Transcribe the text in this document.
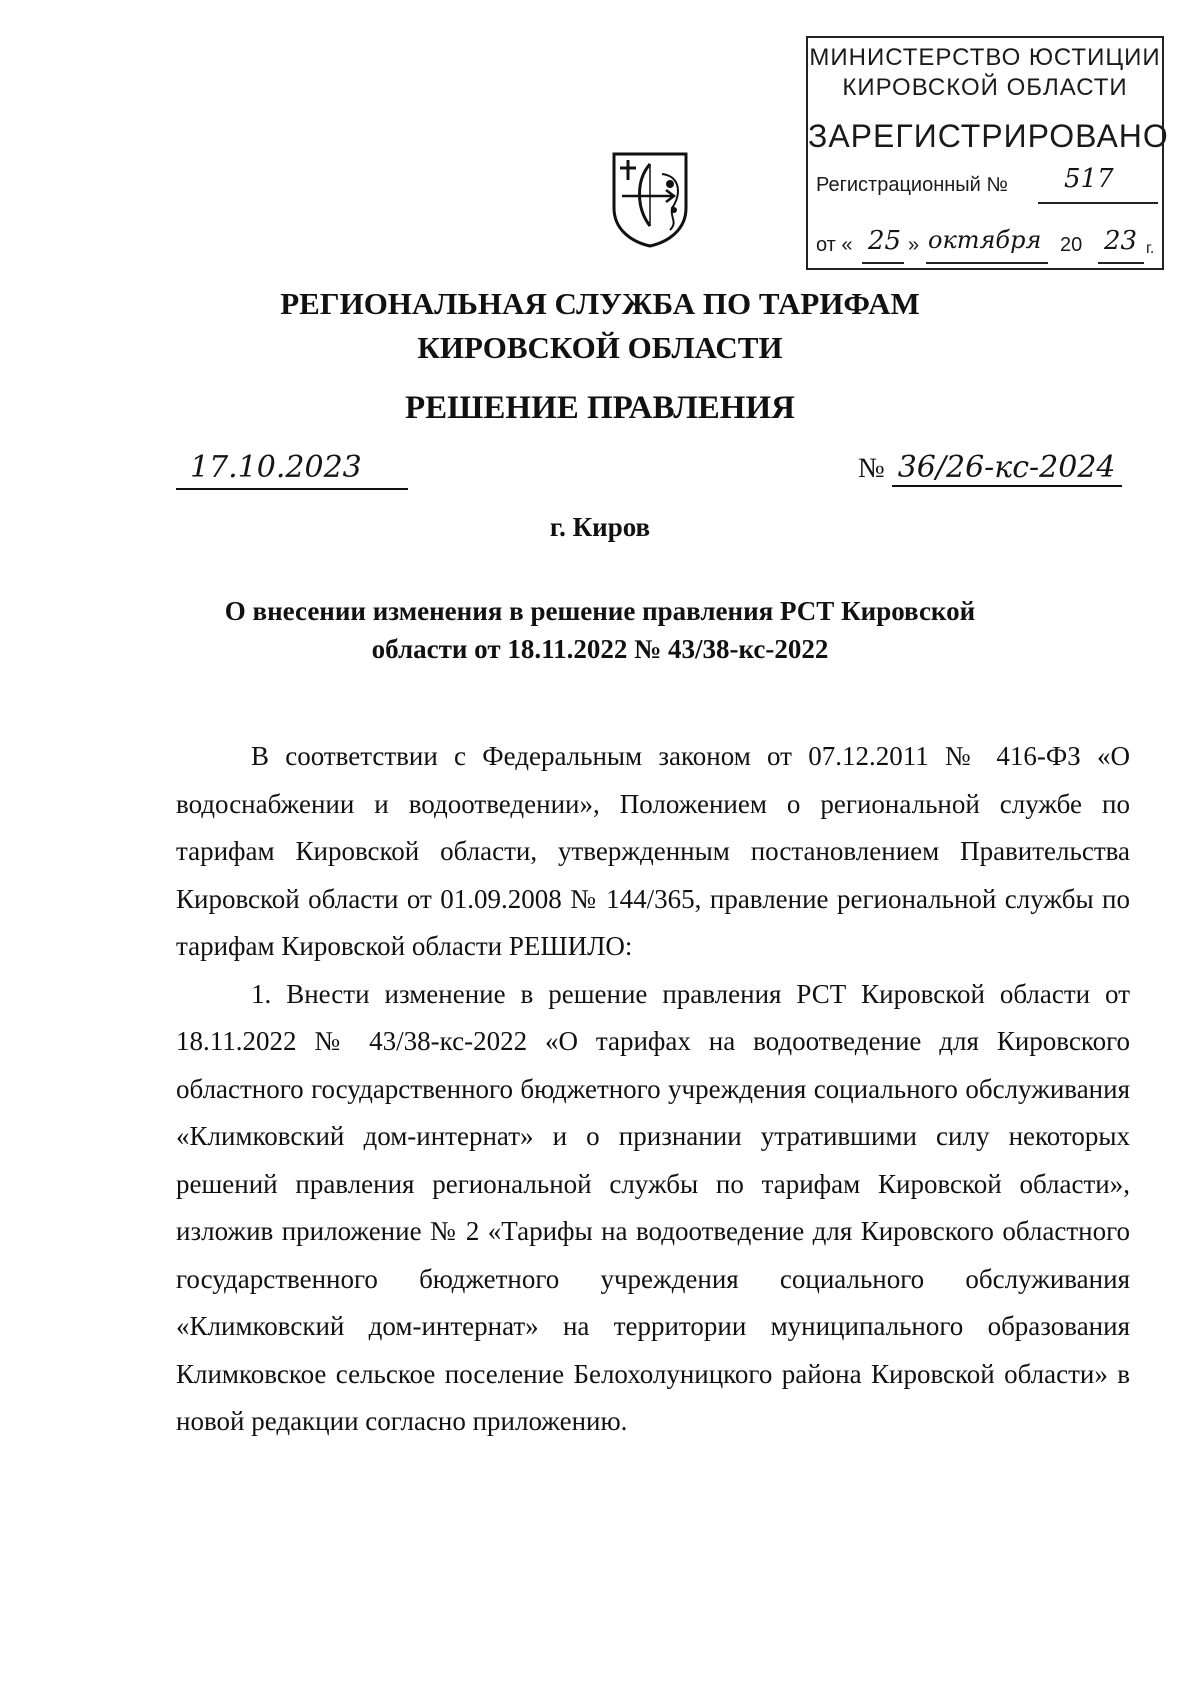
МИНИСТЕРСТВО ЮСТИЦИИ
КИРОВСКОЙ ОБЛАСТИ
ЗАРЕГИСТРИРОВАНО
Регистрационный № 517
от « 25 » октября 20 23 г.
РЕГИОНАЛЬНАЯ СЛУЖБА ПО ТАРИФАМ
КИРОВСКОЙ ОБЛАСТИ
РЕШЕНИЕ ПРАВЛЕНИЯ
17.10.2023	№ 36/26-кс-2024
г. Киров
О внесении изменения в решение правления РСТ Кировской
области от 18.11.2022 № 43/38-кс-2022

В соответствии с Федеральным законом от 07.12.2011 № 416-ФЗ «О водоснабжении и водоотведении», Положением о региональной службе по тарифам Кировской области, утвержденным постановлением Правительства Кировской области от 01.09.2008 № 144/365, правление региональной службы по тарифам Кировской области РЕШИЛО:

1. Внести изменение в решение правления РСТ Кировской области от 18.11.2022 № 43/38-кс-2022 «О тарифах на водоотведение для Кировского областного государственного бюджетного учреждения социального обслуживания «Климковский дом-интернат» и о признании утратившими силу некоторых решений правления региональной службы по тарифам Кировской области», изложив приложение № 2 «Тарифы на водоотведение для Кировского областного государственного бюджетного учреждения социального обслуживания «Климковский дом-интернат» на территории муниципального образования Климковское сельское поселение Белохолуницкого района Кировской области» в новой редакции согласно приложению.
